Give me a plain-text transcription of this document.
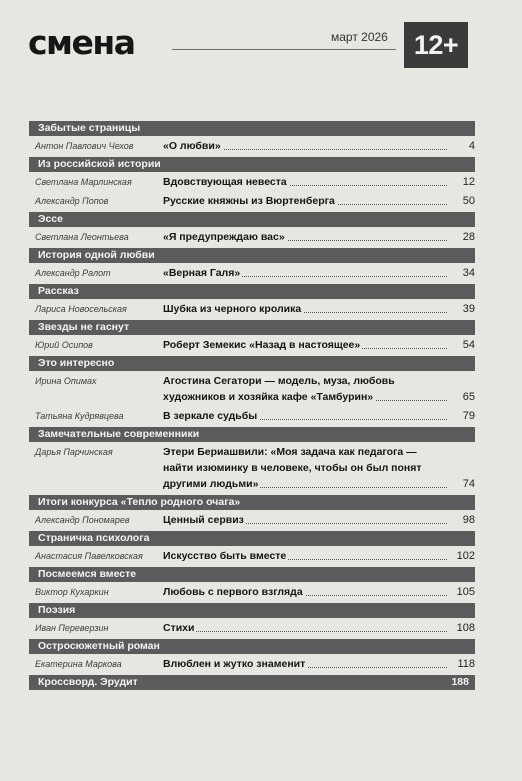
смена	март 2026 12+
Забытые страницы
Антон Павлович Чехов	«О любви»	4
Из российской истории
Светлана Марлинская	Вдовствующая невеста	12
Александр Попов	Русские княжны из Вюртенберга	50
Эссе
Светлана Леонтьева	«Я предупреждаю вас»	28
История одной любви
Александр Ралот	«Верная Галя»	34
Рассказ
Лариса Новосельская	Шубка из черного кролика	39
Звезды не гаснут
Юрий Осипов	Роберт Земекис «Назад в настоящее»	54
Это интересно
Ирина Опимах	Агостина Сегатори — модель, муза, любовь художников и хозяйка кафе «Тамбурин»	65
Татьяна Кудрявцева	В зеркале судьбы	79
Замечательные современники
Дарья Парчинская	Этери Бериашвили: «Моя задача как педагога — найти изюминку в человеке, чтобы он был понят другими людьми»	74
Итоги конкурса «Тепло родного очага»
Александр Пономарев	Ценный сервиз	98
Страничка психолога
Анастасия Павелковская	Искусство быть вместе	102
Посмеемся вместе
Виктор Кухаркин	Любовь с первого взгляда	105
Поэзия
Иван Переверзин	Стихи	108
Остросюжетный роман
Екатерина Маркова	Влюблен и жутко знаменит	118
Кроссворд. Эрудит	188
